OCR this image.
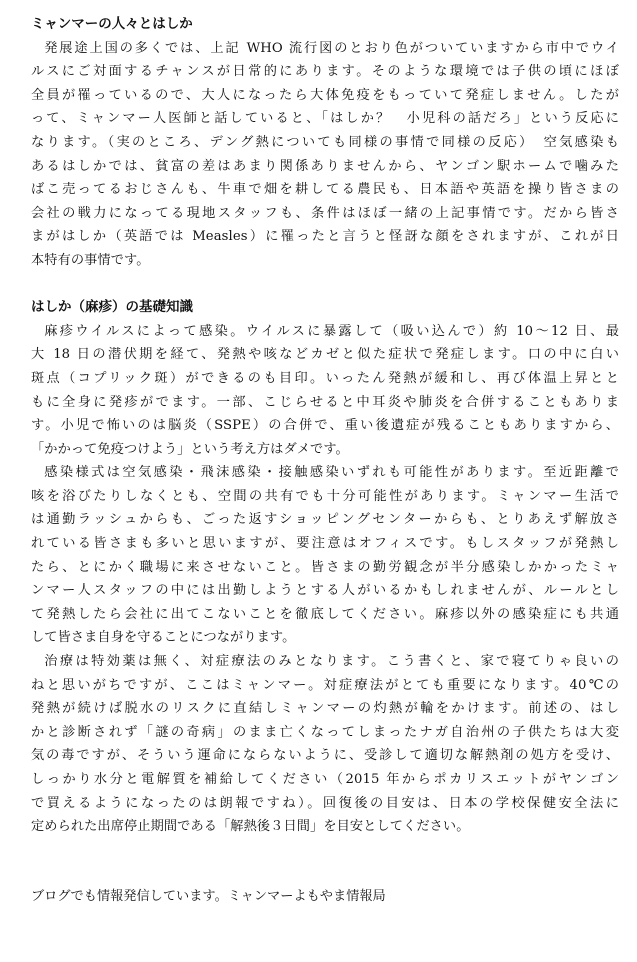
ミャンマーの人々とはしか
発展途上国の多くでは、上記 WHO 流行図のとおり色がついていますから市中でウイ
ルスにご対面するチャンスが日常的にあります。そのような環境では子供の頃にほぼ
全員が罹っているので、大人になったら大体免疫をもっていて発症しません。したが
って、ミャンマー人医師と話していると、「はしか？　小児科の話だろ」という反応に
なります。（実のところ、デング熱についても同様の事情で同様の反応）　空気感染も
あるはしかでは、貧富の差はあまり関係ありませんから、ヤンゴン駅ホームで噛みた
ばこ売ってるおじさんも、牛車で畑を耕してる農民も、日本語や英語を操り皆さまの
会社の戦力になってる現地スタッフも、条件はほぼ一緒の上記事情です。だから皆さ
まがはしか（英語では Measles）に罹ったと言うと怪訝な顔をされますが、これが日
本特有の事情です。
はしか（麻疹）の基礎知識
麻疹ウイルスによって感染。ウイルスに暴露して（吸い込んで）約 10〜12 日、最
大 18 日の潜伏期を経て、発熱や咳などカゼと似た症状で発症します。口の中に白い
斑点（コプリック斑）ができるのも目印。いったん発熱が緩和し、再び体温上昇とと
もに全身に発疹がでます。一部、こじらせると中耳炎や肺炎を合併することもありま
す。小児で怖いのは脳炎（SSPE）の合併で、重い後遺症が残ることもありますから、
「かかって免疫つけよう」という考え方はダメです。
感染様式は空気感染・飛沫感染・接触感染いずれも可能性があります。至近距離で
咳を浴びたりしなくとも、空間の共有でも十分可能性があります。ミャンマー生活で
は通勤ラッシュからも、ごった返すショッピングセンターからも、とりあえず解放さ
れている皆さまも多いと思いますが、要注意はオフィスです。もしスタッフが発熱し
たら、とにかく職場に来させないこと。皆さまの勤労観念が半分感染しかかったミャ
ンマー人スタッフの中には出勤しようとする人がいるかもしれませんが、ルールとし
て発熱したら会社に出てこないことを徹底してください。麻疹以外の感染症にも共通
して皆さま自身を守ることにつながります。
治療は特効薬は無く、対症療法のみとなります。こう書くと、家で寝てりゃ良いの
ねと思いがちですが、ここはミャンマー。対症療法がとても重要になります。40℃の
発熱が続けば脱水のリスクに直結しミャンマーの灼熱が輪をかけます。前述の、はし
かと診断されず「謎の奇病」のまま亡くなってしまったナガ自治州の子供たちは大変
気の毒ですが、そういう運命にならないように、受診して適切な解熱剤の処方を受け、
しっかり水分と電解質を補給してください（2015 年からポカリスエットがヤンゴン
で買えるようになったのは朗報ですね）。回復後の目安は、日本の学校保健安全法に
定められた出席停止期間である「解熱後３日間」を目安としてください。
ブログでも情報発信しています。ミャンマーよもやま情報局
